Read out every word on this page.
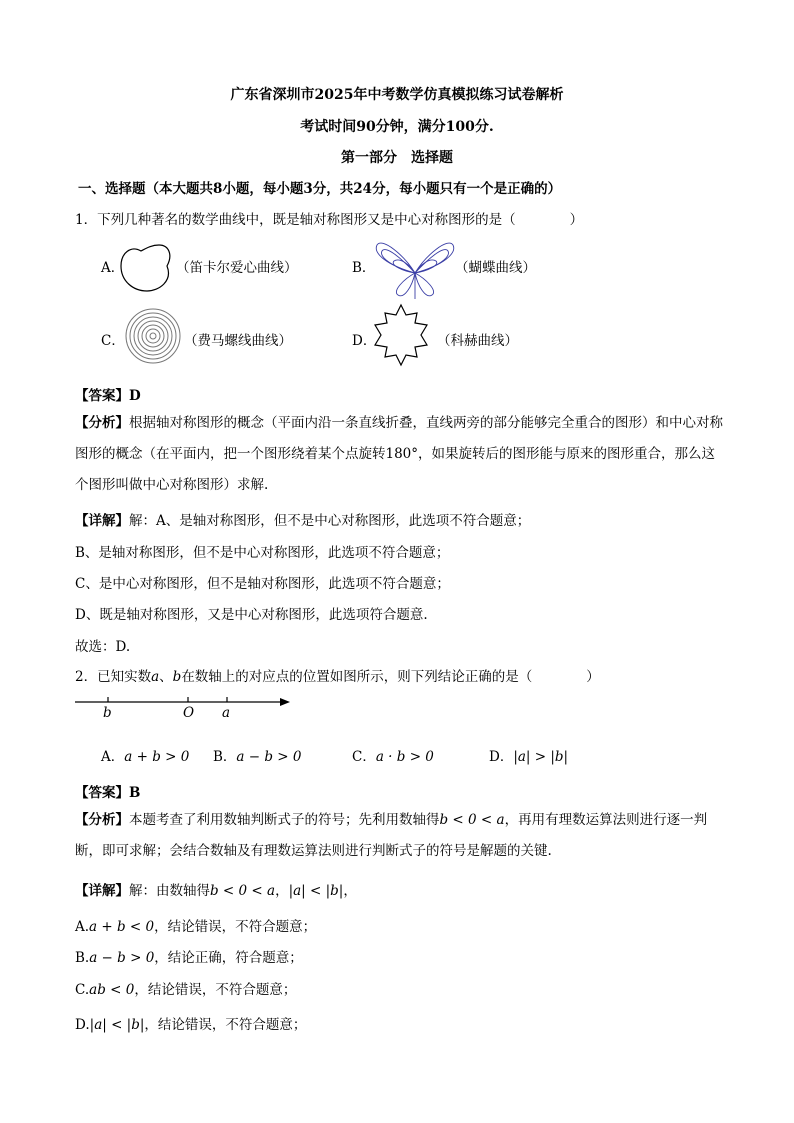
广东省深圳市2025年中考数学仿真模拟练习试卷解析
考试时间90分钟，满分100分.
第一部分　选择题
一、选择题（本大题共8小题，每小题3分，共24分，每小题只有一个是正确的）
1．下列几种著名的数学曲线中，既是轴对称图形又是中心对称图形的是（　　　　）
A．	（笛卡尔爱心曲线）	B．	（蝴蝶曲线）
C．	（费马螺线曲线）	D．	（科赫曲线）
【答案】D
【分析】根据轴对称图形的概念（平面内沿一条直线折叠，直线两旁的部分能够完全重合的图形）和中心对称图形的概念（在平面内，把一个图形绕着某个点旋转180°，如果旋转后的图形能与原来的图形重合，那么这个图形叫做中心对称图形）求解.
【详解】解：A、是轴对称图形，但不是中心对称图形，此选项不符合题意；
B、是轴对称图形，但不是中心对称图形，此选项不符合题意；
C、是中心对称图形，但不是轴对称图形，此选项不符合题意；
D、既是轴对称图形，又是中心对称图形，此选项符合题意.
故选：D.
2．已知实数a、b在数轴上的对应点的位置如图所示，则下列结论正确的是（　　　　）
b	O a
A．a + b > 0 B．a − b > 0	C．a · b > 0	D．|a| > |b|
【答案】B
【分析】本题考查了利用数轴判断式子的符号；先利用数轴得b < 0 < a，再用有理数运算法则进行逐一判断，即可求解；会结合数轴及有理数运算法则进行判断式子的符号是解题的关键.
【详解】解：由数轴得b < 0 < a，|a| < |b|，
A.a + b < 0，结论错误，不符合题意；
B.a − b > 0，结论正确，符合题意；
C.ab < 0，结论错误，不符合题意；
D.|a| < |b|，结论错误，不符合题意；
